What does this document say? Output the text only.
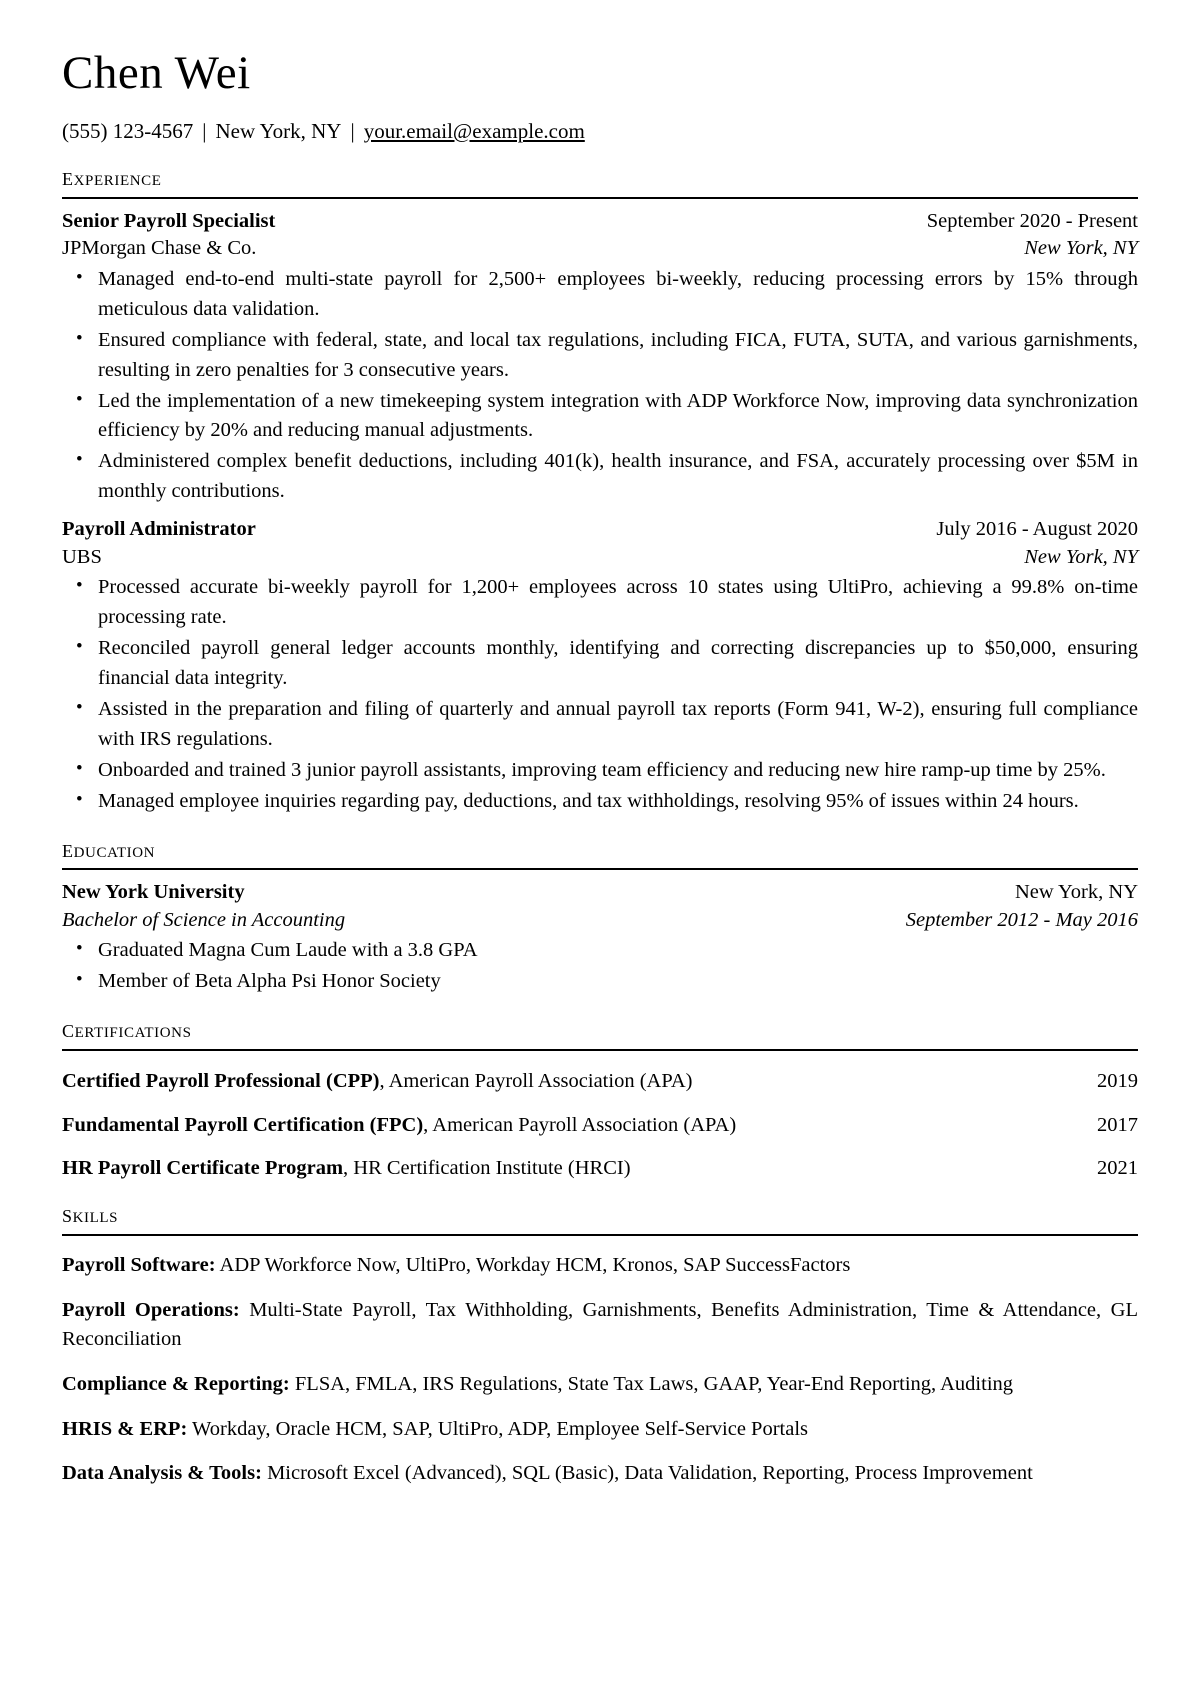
Chen Wei
(555) 123-4567 | New York, NY | your.email@example.com
experience
Senior Payroll Specialist	September 2020 - Present
JPMorgan Chase & Co.	New York, NY
• Managed end-to-end multi-state payroll for 2,500+ employees bi-weekly, reducing processing errors by 15% through meticulous data validation.
• Ensured compliance with federal, state, and local tax regulations, including FICA, FUTA, SUTA, and various garnishments, resulting in zero penalties for 3 consecutive years.
• Led the implementation of a new timekeeping system integration with ADP Workforce Now, improving data synchronization efficiency by 20% and reducing manual adjustments.
• Administered complex benefit deductions, including 401(k), health insurance, and FSA, accurately processing over $5M in monthly contributions.
Payroll Administrator	July 2016 - August 2020
UBS	New York, NY
• Processed accurate bi-weekly payroll for 1,200+ employees across 10 states using UltiPro, achieving a 99.8% on-time processing rate.
• Reconciled payroll general ledger accounts monthly, identifying and correcting discrepancies up to $50,000, ensuring financial data integrity.
• Assisted in the preparation and filing of quarterly and annual payroll tax reports (Form 941, W-2), ensuring full compliance with IRS regulations.
• Onboarded and trained 3 junior payroll assistants, improving team efficiency and reducing new hire ramp-up time by 25%.
• Managed employee inquiries regarding pay, deductions, and tax withholdings, resolving 95% of issues within 24 hours.
education
New York University	New York, NY
Bachelor of Science in Accounting	September 2012 - May 2016
• Graduated Magna Cum Laude with a 3.8 GPA
• Member of Beta Alpha Psi Honor Society
certifications
Certified Payroll Professional (CPP), American Payroll Association (APA)	2019
Fundamental Payroll Certification (FPC), American Payroll Association (APA)	2017
HR Payroll Certificate Program, HR Certification Institute (HRCI)	2021
skills
Payroll Software: ADP Workforce Now, UltiPro, Workday HCM, Kronos, SAP SuccessFactors
Payroll Operations: Multi-State Payroll, Tax Withholding, Garnishments, Benefits Administration, Time & Attendance, GL Reconciliation
Compliance & Reporting: FLSA, FMLA, IRS Regulations, State Tax Laws, GAAP, Year-End Reporting, Auditing
HRIS & ERP: Workday, Oracle HCM, SAP, UltiPro, ADP, Employee Self-Service Portals
Data Analysis & Tools: Microsoft Excel (Advanced), SQL (Basic), Data Validation, Reporting, Process Improvement
